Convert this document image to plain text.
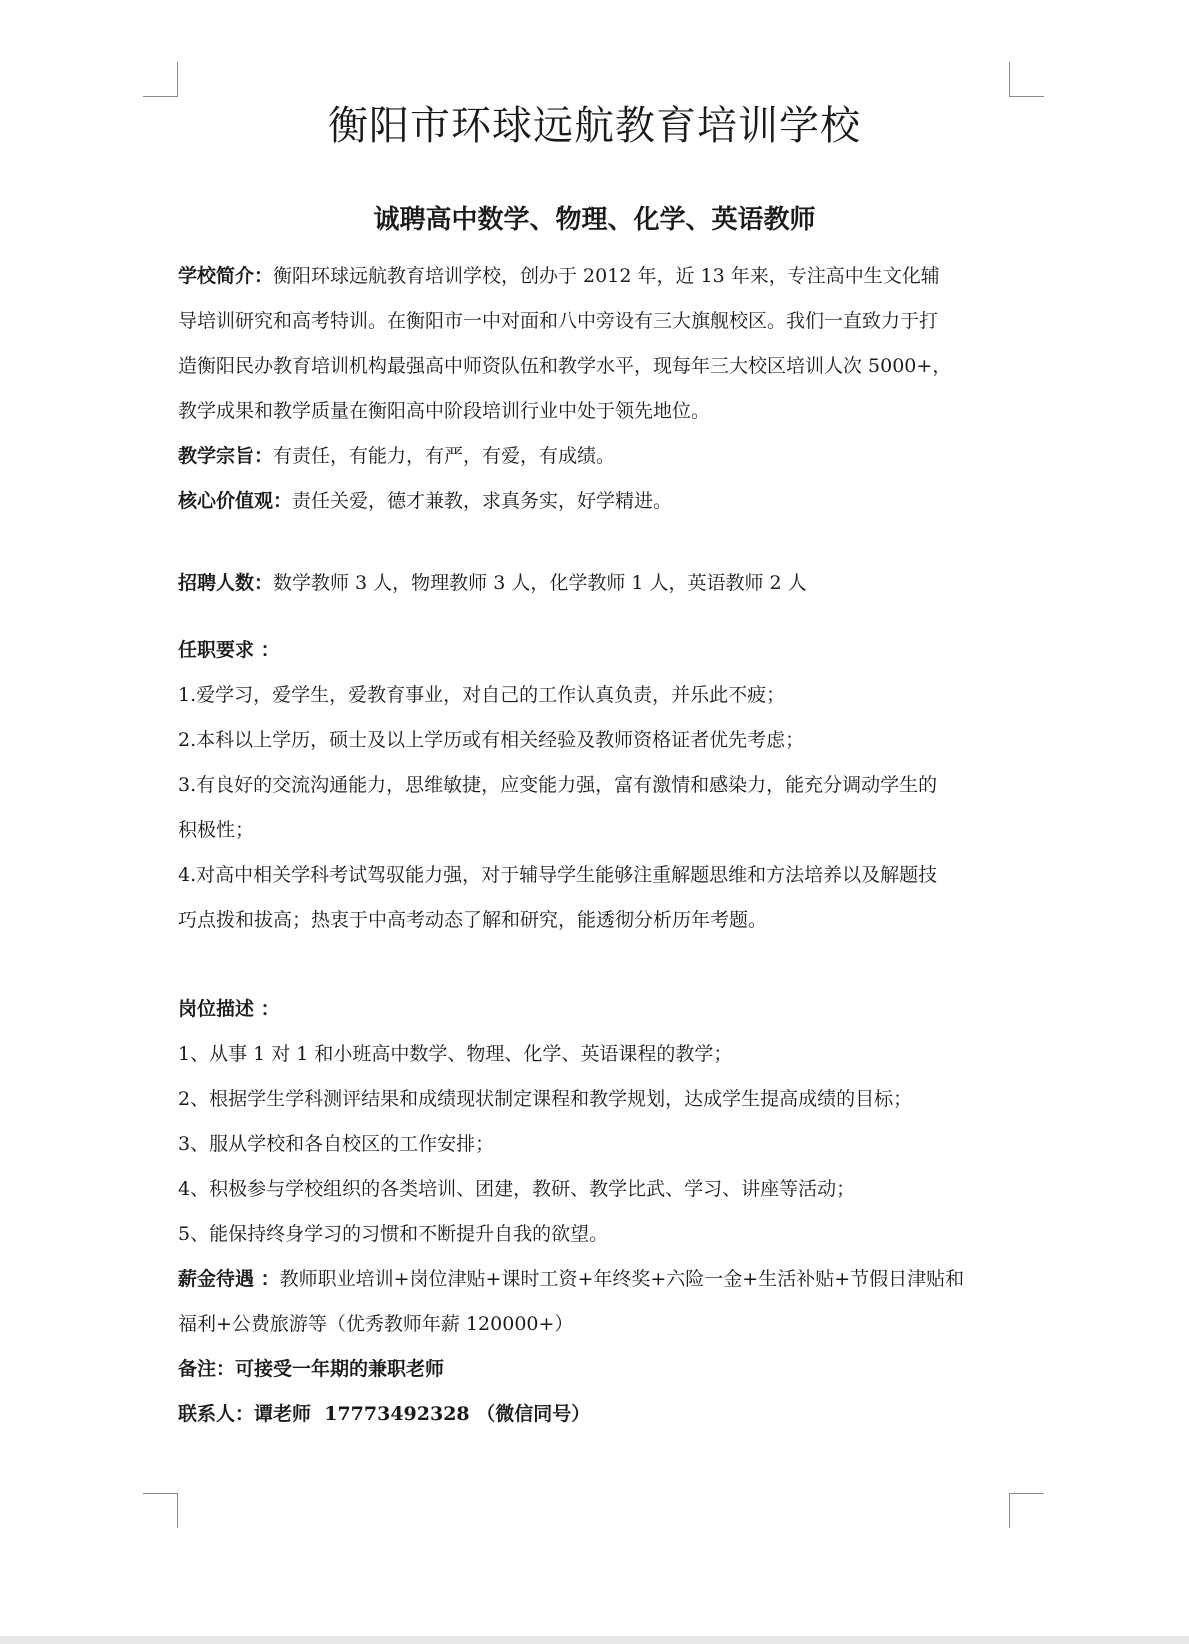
衡阳市环球远航教育培训学校
诚聘高中数学、物理、化学、英语教师

学校简介：衡阳环球远航教育培训学校，创办于 2012 年，近 13 年来，专注高中生文化辅

导培训研究和高考特训。在衡阳市一中对面和八中旁设有三大旗舰校区。我们一直致力于打

造衡阳民办教育培训机构最强高中师资队伍和教学水平，现每年三大校区培训人次 5000+，

教学成果和教学质量在衡阳高中阶段培训行业中处于领先地位。

教学宗旨：有责任，有能力，有严，有爱，有成绩。

核心价值观：责任关爱，德才兼教，求真务实，好学精进。

招聘人数：数学教师 3 人，物理教师 3 人，化学教师 1 人，英语教师 2 人

任职要求 ：

1.爱学习，爱学生，爱教育事业，对自己的工作认真负责，并乐此不疲；

2.本科以上学历，硕士及以上学历或有相关经验及教师资格证者优先考虑；

3.有良好的交流沟通能力，思维敏捷，应变能力强，富有激情和感染力，能充分调动学生的

积极性；

4.对高中相关学科考试驾驭能力强，对于辅导学生能够注重解题思维和方法培养以及解题技

巧点拨和拔高；热衷于中高考动态了解和研究，能透彻分析历年考题。

岗位描述 ：

1、从事 1 对 1 和小班高中数学、物理、化学、英语课程的教学；

2、根据学生学科测评结果和成绩现状制定课程和教学规划，达成学生提高成绩的目标；

3、服从学校和各自校区的工作安排；

4、积极参与学校组织的各类培训、团建，教研、教学比武、学习、讲座等活动；

5、能保持终身学习的习惯和不断提升自我的欲望。

薪金待遇 ：教师职业培训+岗位津贴+课时工资+年终奖+六险一金+生活补贴+节假日津贴和

福利+公费旅游等（优秀教师年薪 120000+）

备注：可接受一年期的兼职老师

联系人：谭老师  17773492328 （微信同号）
